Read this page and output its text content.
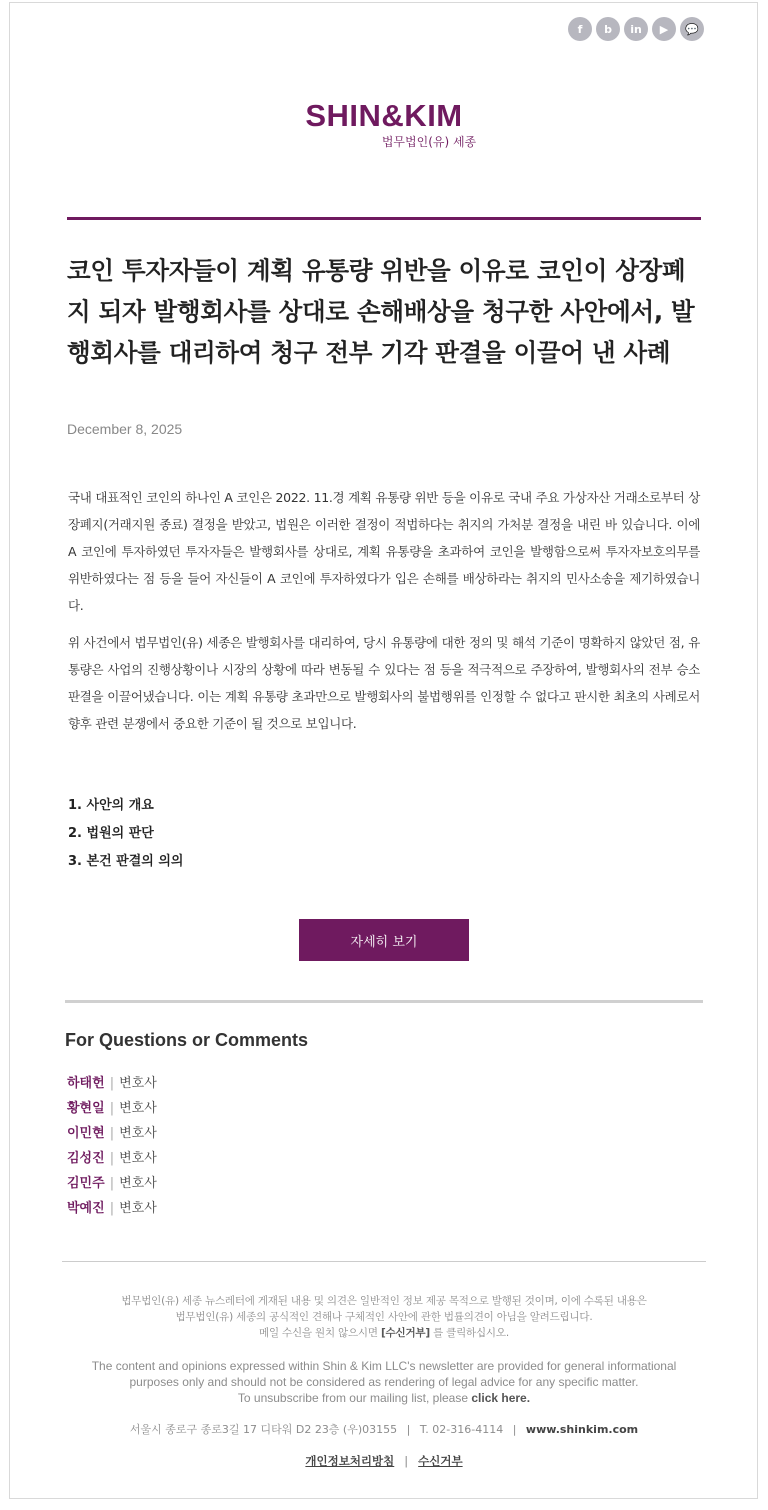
f	b	in	▶	💬
SHIN&KIM
법무법인(유) 세종
코인 투자자들이 계획 유통량 위반을 이유로 코인이 상장폐지 되자 발행회사를 상대로 손해배상을 청구한 사안에서, 발행회사를 대리하여 청구 전부 기각 판결을 이끌어 낸 사례
December 8, 2025

국내 대표적인 코인의 하나인 A 코인은 2022. 11.경 계획 유통량 위반 등을 이유로 국내 주요 가상자산 거래소로부터 상장폐지(거래지원 종료) 결정을 받았고, 법원은 이러한 결정이 적법하다는 취지의 가처분 결정을 내린 바 있습니다. 이에 A 코인에 투자하였던 투자자들은 발행회사를 상대로, 계획 유통량을 초과하여 코인을 발행함으로써 투자자보호의무를 위반하였다는 점 등을 들어 자신들이 A 코인에 투자하였다가 입은 손해를 배상하라는 취지의 민사소송을 제기하였습니다.

위 사건에서 법무법인(유) 세종은 발행회사를 대리하여, 당시 유통량에 대한 정의 및 해석 기준이 명확하지 않았던 점, 유통량은 사업의 진행상황이나 시장의 상황에 따라 변동될 수 있다는 점 등을 적극적으로 주장하여, 발행회사의 전부 승소 판결을 이끌어냈습니다. 이는 계획 유통량 초과만으로 발행회사의 불법행위를 인정할 수 없다고 판시한 최초의 사례로서 향후 관련 분쟁에서 중요한 기준이 될 것으로 보입니다.

1. 사안의 개요
2. 법원의 판단
3. 본건 판결의 의의
자세히 보기
For Questions or Comments
하태헌 | 변호사
황현일 | 변호사
이민현 | 변호사
김성진 | 변호사
김민주 | 변호사
박예진 | 변호사
법무법인(유) 세종 뉴스레터에 게재된 내용 및 의견은 일반적인 정보 제공 목적으로 발행된 것이며, 이에 수록된 내용은
법무법인(유) 세종의 공식적인 견해나 구체적인 사안에 관한 법률의견이 아님을 알려드립니다.
메일 수신을 원치 않으시면 [수신거부] 를 클릭하십시오.
The content and opinions expressed within Shin & Kim LLC's newsletter are provided for general informational
purposes only and should not be considered as rendering of legal advice for any specific matter.
To unsubscribe from our mailing list, please click here.
서울시 종로구 종로3길 17 디타워 D2 23층 (우)03155 | T. 02-316-4114 | www.shinkim.com
개인정보처리방침 | 수신거부
